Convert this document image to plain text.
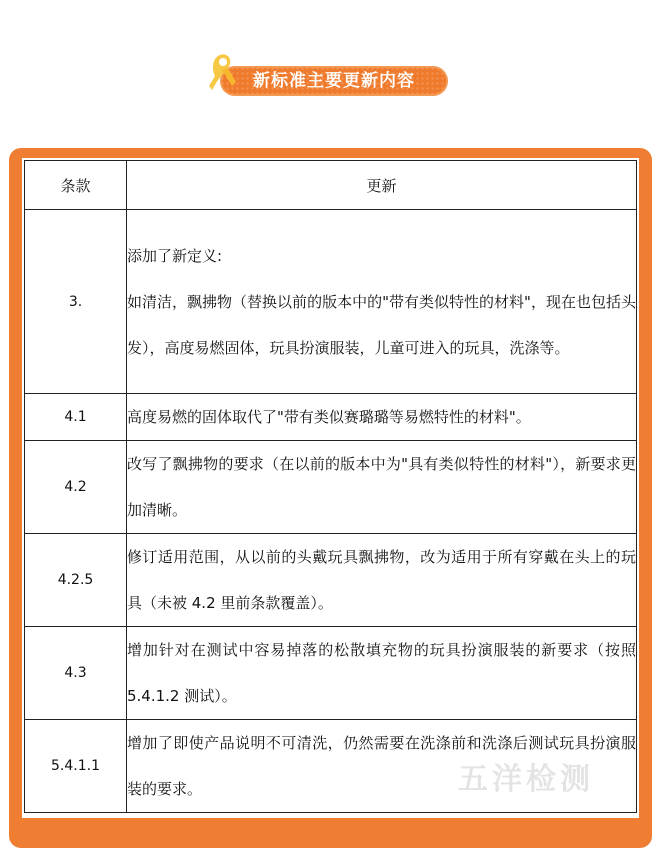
新标准主要更新内容
条款	更新
3.	添加了新定义:
如清洁，飘拂物（替换以前的版本中的"带有类似特性的材料"，现在也包括头发），高度易燃固体，玩具扮演服装，儿童可进入的玩具，洗涤等。

4.1	高度易燃的固体取代了"带有类似赛璐璐等易燃特性的材料"。

4.2	改写了飘拂物的要求（在以前的版本中为"具有类似特性的材料"），新要求更加清晰。

4.2.5	修订适用范围，从以前的头戴玩具飘拂物，改为适用于所有穿戴在头上的玩具（未被 4.2 里前条款覆盖）。

4.3	增加针对在测试中容易掉落的松散填充物的玩具扮演服装的新要求（按照 5.4.1.2 测试）。

5.4.1.1	增加了即使产品说明不可清洗，仍然需要在洗涤前和洗涤后测试玩具扮演服装的要求。	五洋检测
